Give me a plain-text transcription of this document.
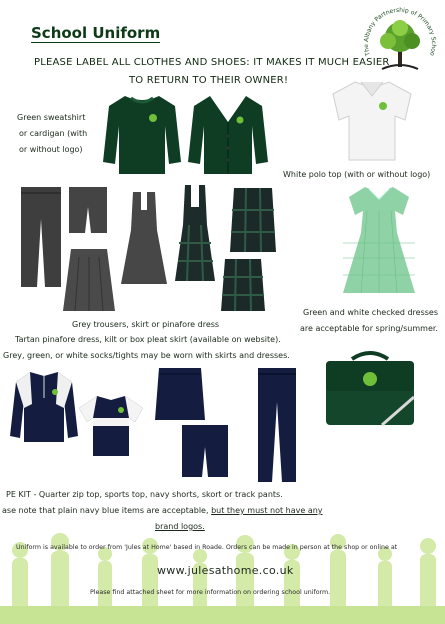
School Uniform
PLEASE LABEL ALL CLOTHES AND SHOES: IT MAKES IT MUCH EASIER
TO RETURN TO THEIR OWNER!
The Albany Partnership of Primary Schoo
Green sweatshirt
or cardigan (with
or without logo)
White polo top (with or without logo)
Green and white checked dresses
are acceptable for spring/summer.
Grey trousers, skirt or pinafore dress
Tartan pinafore dress, kilt or box pleat skirt (available on website).
Grey, green, or white socks/tights may be worn with skirts and dresses.
PE KIT - Quarter zip top, sports top, navy shorts, skort or track pants.
ase note that plain navy blue items are acceptable, but they must not have any
brand logos.
Uniform is available to order from 'Jules at Home' based in Roade. Orders can be made in person at the shop or online at
www.julesathome.co.uk
Please find attached sheet for more information on ordering school uniform.
